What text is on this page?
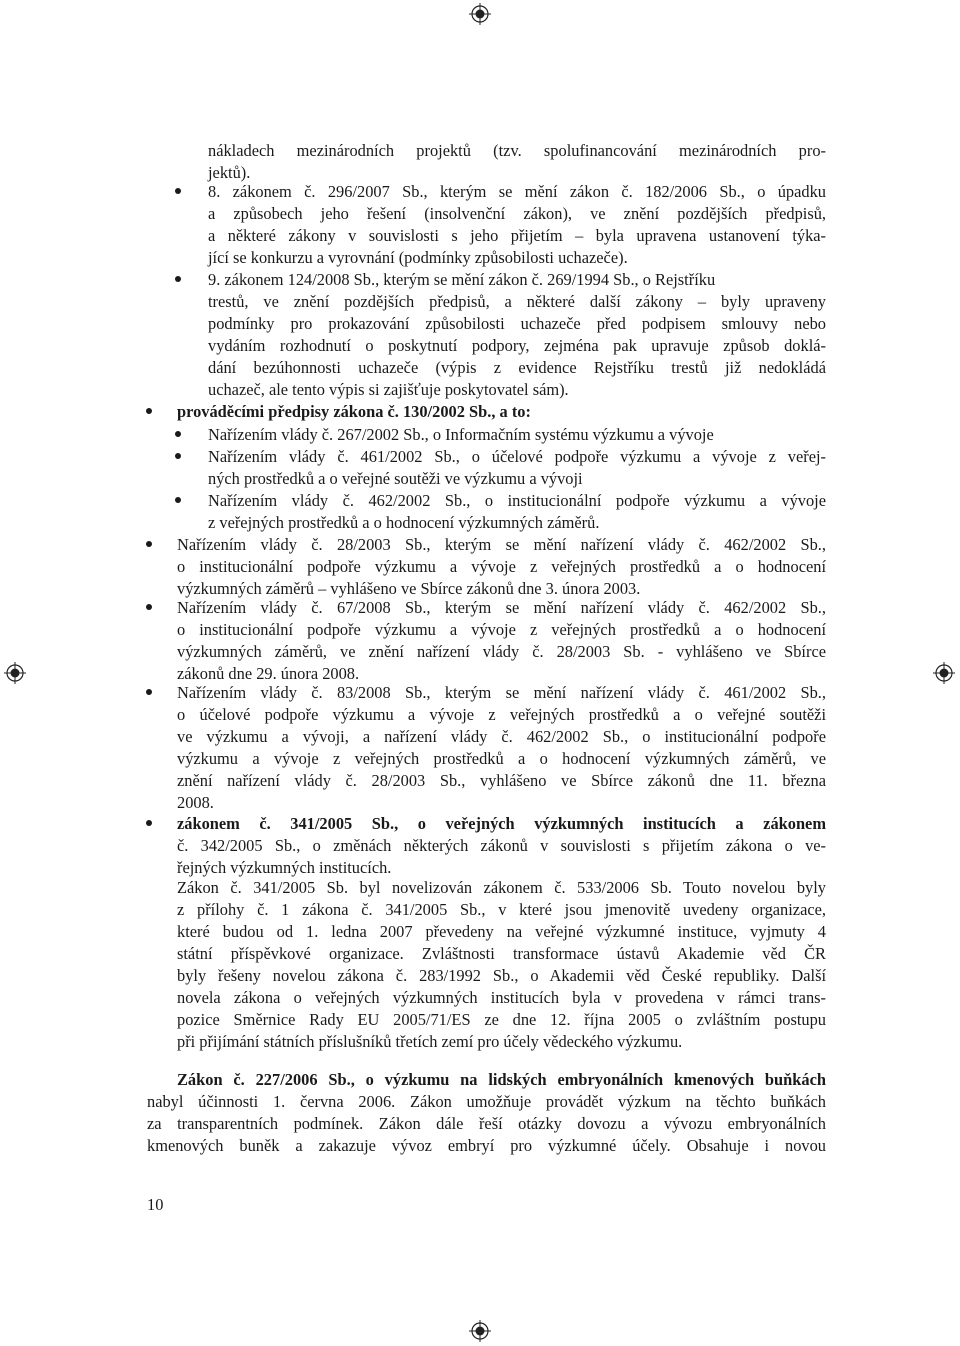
nákladech mezinárodních projektů (tzv. spolufinancování mezinárodních pro-
jektů).
8. zákonem č. 296/2007 Sb., kterým se mění zákon č. 182/2006 Sb., o úpadku
a způsobech jeho řešení (insolvenční zákon), ve znění pozdějších předpisů,
a některé zákony v souvislosti s jeho přijetím – byla upravena ustanovení týka-
jící se konkurzu a vyrovnání (podmínky způsobilosti uchazeče).
9. zákonem 124/2008 Sb., kterým se mění zákon č. 269/1994 Sb., o Rejstříku
trestů, ve znění pozdějších předpisů, a některé další zákony – byly upraveny
podmínky pro prokazování způsobilosti uchazeče před podpisem smlouvy nebo
vydáním rozhodnutí o poskytnutí podpory, zejména pak upravuje způsob doklá-
dání bezúhonnosti uchazeče (výpis z evidence Rejstříku trestů již nedokládá
uchazeč, ale tento výpis si zajišťuje poskytovatel sám).
prováděcími předpisy zákona č. 130/2002 Sb., a to:
Nařízením vlády č. 267/2002 Sb., o Informačním systému výzkumu a vývoje
Nařízením vlády č. 461/2002 Sb., o účelové podpoře výzkumu a vývoje z veřej-
ných prostředků a o veřejné soutěži ve výzkumu a vývoji
Nařízením vlády č. 462/2002 Sb., o institucionální podpoře výzkumu a vývoje
z veřejných prostředků a o hodnocení výzkumných záměrů.
Nařízením vlády č. 28/2003 Sb., kterým se mění nařízení vlády č. 462/2002 Sb.,
o institucionální podpoře výzkumu a vývoje z veřejných prostředků a o hodnocení
výzkumných záměrů – vyhlášeno ve Sbírce zákonů dne 3. února 2003.
Nařízením vlády č. 67/2008 Sb., kterým se mění nařízení vlády č. 462/2002 Sb.,
o institucionální podpoře výzkumu a vývoje z veřejných prostředků a o hodnocení
výzkumných záměrů, ve znění nařízení vlády č. 28/2003 Sb. - vyhlášeno ve Sbírce
zákonů dne 29. února 2008.
Nařízením vlády č. 83/2008 Sb., kterým se mění nařízení vlády č. 461/2002 Sb.,
o účelové podpoře výzkumu a vývoje z veřejných prostředků a o veřejné soutěži
ve výzkumu a vývoji, a nařízení vlády č. 462/2002 Sb., o institucionální podpoře
výzkumu a vývoje z veřejných prostředků a o hodnocení výzkumných záměrů, ve
znění nařízení vlády č. 28/2003 Sb., vyhlášeno ve Sbírce zákonů dne 11. března
2008.
zákonem č. 341/2005 Sb., o veřejných výzkumných institucích a zákonem
č. 342/2005 Sb., o změnách některých zákonů v souvislosti s přijetím zákona o ve-
řejných výzkumných institucích.
Zákon č. 341/2005 Sb. byl novelizován zákonem č. 533/2006 Sb. Touto novelou byly
z přílohy č. 1 zákona č. 341/2005 Sb., v které jsou jmenovitě uvedeny organizace,
které budou od 1. ledna 2007 převedeny na veřejné výzkumné instituce, vyjmuty 4
státní příspěvkové organizace. Zvláštnosti transformace ústavů Akademie věd ČR
byly řešeny novelou zákona č. 283/1992 Sb., o Akademii věd České republiky. Další
novela zákona o veřejných výzkumných institucích byla v provedena v rámci trans-
pozice Směrnice Rady EU 2005/71/ES ze dne 12. října 2005 o zvláštním postupu
při přijímání státních příslušníků třetích zemí pro účely vědeckého výzkumu.
Zákon č. 227/2006 Sb., o výzkumu na lidských embryonálních kmenových buňkách
nabyl účinnosti 1. června 2006. Zákon umožňuje provádět výzkum na těchto buňkách
za transparentních podmínek. Zákon dále řeší otázky dovozu a vývozu embryonálních
kmenových buněk a zakazuje vývoz embryí pro výzkumné účely. Obsahuje i novou
10
